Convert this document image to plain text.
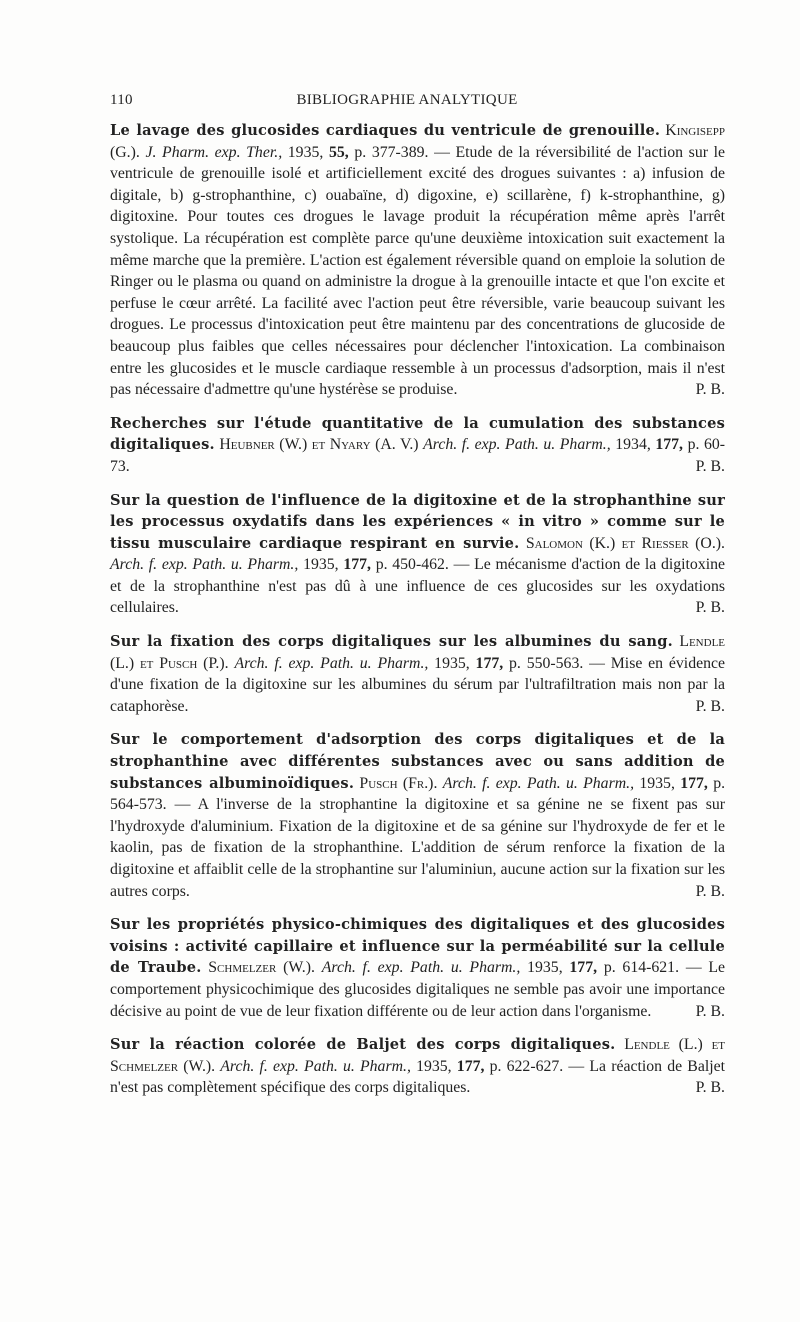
110	BIBLIOGRAPHIE ANALYTIQUE

Le lavage des glucosides cardiaques du ventricule de grenouille. Kingisepp (G.). J. Pharm. exp. Ther., 1935, 55, p. 377-389. — Etude de la réversibilité de l'action sur le ventricule de grenouille isolé et artificiellement excité des drogues suivantes : a) infusion de digitale, b) g-strophanthine, c) ouabaïne, d) digoxine, e) scillarène, f) k-strophanthine, g) digitoxine. Pour toutes ces drogues le lavage produit la récupération même après l'arrêt systolique. La récupération est complète parce qu'une deuxième intoxication suit exactement la même marche que la première. L'action est également réversible quand on emploie la solution de Ringer ou le plasma ou quand on administre la drogue à la grenouille intacte et que l'on excite et perfuse le cœur arrêté. La facilité avec l'action peut être réversible, varie beaucoup suivant les drogues. Le processus d'intoxication peut être maintenu par des concentrations de glucoside de beaucoup plus faibles que celles nécessaires pour déclencher l'intoxication. La combinaison entre les glucosides et le muscle cardiaque ressemble à un processus d'adsorption, mais il n'est pas nécessaire d'admettre qu'une hystérèse se produise.	P. B.

Recherches sur l'étude quantitative de la cumulation des substances digitaliques. Heubner (W.) et Nyary (A. V.) Arch. f. exp. Path. u. Pharm., 1934, 177, p. 60-73.	P. B.

Sur la question de l'influence de la digitoxine et de la strophanthine sur les processus oxydatifs dans les expériences « in vitro » comme sur le tissu musculaire cardiaque respirant en survie. Salomon (K.) et Riesser (O.). Arch. f. exp. Path. u. Pharm., 1935, 177, p. 450-462. — Le mécanisme d'action de la digitoxine et de la strophanthine n'est pas dû à une influence de ces glucosides sur les oxydations cellulaires.	P. B.

Sur la fixation des corps digitaliques sur les albumines du sang. Lendle (L.) et Pusch (P.). Arch. f. exp. Path. u. Pharm., 1935, 177, p. 550-563. — Mise en évidence d'une fixation de la digitoxine sur les albumines du sérum par l'ultrafiltration mais non par la cataphorèse.	P. B.

Sur le comportement d'adsorption des corps digitaliques et de la strophanthine avec différentes substances avec ou sans addition de substances albuminoïdiques. Pusch (Fr.). Arch. f. exp. Path. u. Pharm., 1935, 177, p. 564-573. — A l'inverse de la strophantine la digitoxine et sa génine ne se fixent pas sur l'hydroxyde d'aluminium. Fixation de la digitoxine et de sa génine sur l'hydroxyde de fer et le kaolin, pas de fixation de la strophanthine. L'addition de sérum renforce la fixation de la digitoxine et affaiblit celle de la strophantine sur l'aluminiun, aucune action sur la fixation sur les autres corps.	P. B.

Sur les propriétés physico-chimiques des digitaliques et des glucosides voisins : activité capillaire et influence sur la perméabilité sur la cellule de Traube. Schmelzer (W.). Arch. f. exp. Path. u. Pharm., 1935, 177, p. 614-621. — Le comportement physicochimique des glucosides digitaliques ne semble pas avoir une importance décisive au point de vue de leur fixation différente ou de leur action dans l'organisme.	P. B.

Sur la réaction colorée de Baljet des corps digitaliques. Lendle (L.) et Schmelzer (W.). Arch. f. exp. Path. u. Pharm., 1935, 177, p. 622-627. — La réaction de Baljet n'est pas complètement spécifique des corps digitaliques.	P. B.
